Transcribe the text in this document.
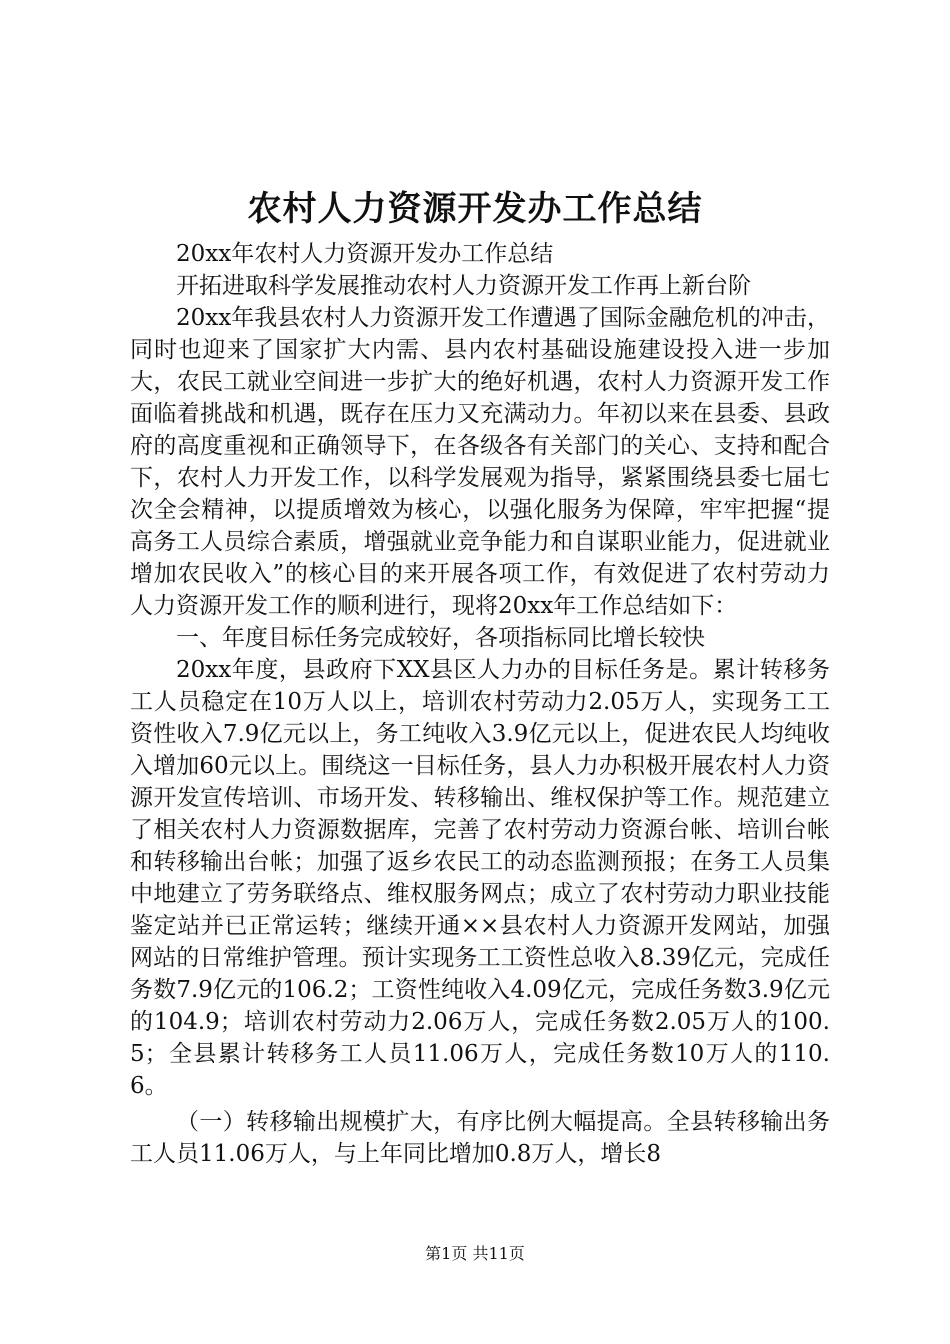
农村人力资源开发办工作总结

20xx年农村人力资源开发办工作总结

开拓进取科学发展推动农村人力资源开发工作再上新台阶

20xx年我县农村人力资源开发工作遭遇了国际金融危机的冲击，同时也迎来了国家扩大内需、县内农村基础设施建设投入进一步加大，农民工就业空间进一步扩大的绝好机遇，农村人力资源开发工作面临着挑战和机遇，既存在压力又充满动力。年初以来在县委、县政府的高度重视和正确领导下，在各级各有关部门的关心、支持和配合下，农村人力开发工作，以科学发展观为指导，紧紧围绕县委七届七次全会精神，以提质增效为核心，以强化服务为保障，牢牢把握“提高务工人员综合素质，增强就业竞争能力和自谋职业能力，促进就业增加农民收入”的核心目的来开展各项工作，有效促进了农村劳动力人力资源开发工作的顺利进行，现将20xx年工作总结如下：

一、年度目标任务完成较好，各项指标同比增长较快

20xx年度，县政府下XX县区人力办的目标任务是。累计转移务工人员稳定在10万人以上，培训农村劳动力2.05万人，实现务工工资性收入7.9亿元以上，务工纯收入3.9亿元以上，促进农民人均纯收入增加60元以上。围绕这一目标任务，县人力办积极开展农村人力资源开发宣传培训、市场开发、转移输出、维权保护等工作。规范建立了相关农村人力资源数据库，完善了农村劳动力资源台帐、培训台帐和转移输出台帐；加强了返乡农民工的动态监测预报；在务工人员集中地建立了劳务联络点、维权服务网点；成立了农村劳动力职业技能鉴定站并已正常运转；继续开通××县农村人力资源开发网站，加强网站的日常维护管理。预计实现务工工资性总收入8.39亿元，完成任务数7.9亿元的106.2；工资性纯收入4.09亿元，完成任务数3.9亿元的104.9；培训农村劳动力2.06万人，完成任务数2.05万人的100.5；全县累计转移务工人员11.06万人，完成任务数10万人的110.6。

（一）转移输出规模扩大，有序比例大幅提高。全县转移输出务工人员11.06万人，与上年同比增加0.8万人，增长8

第1页 共11页
